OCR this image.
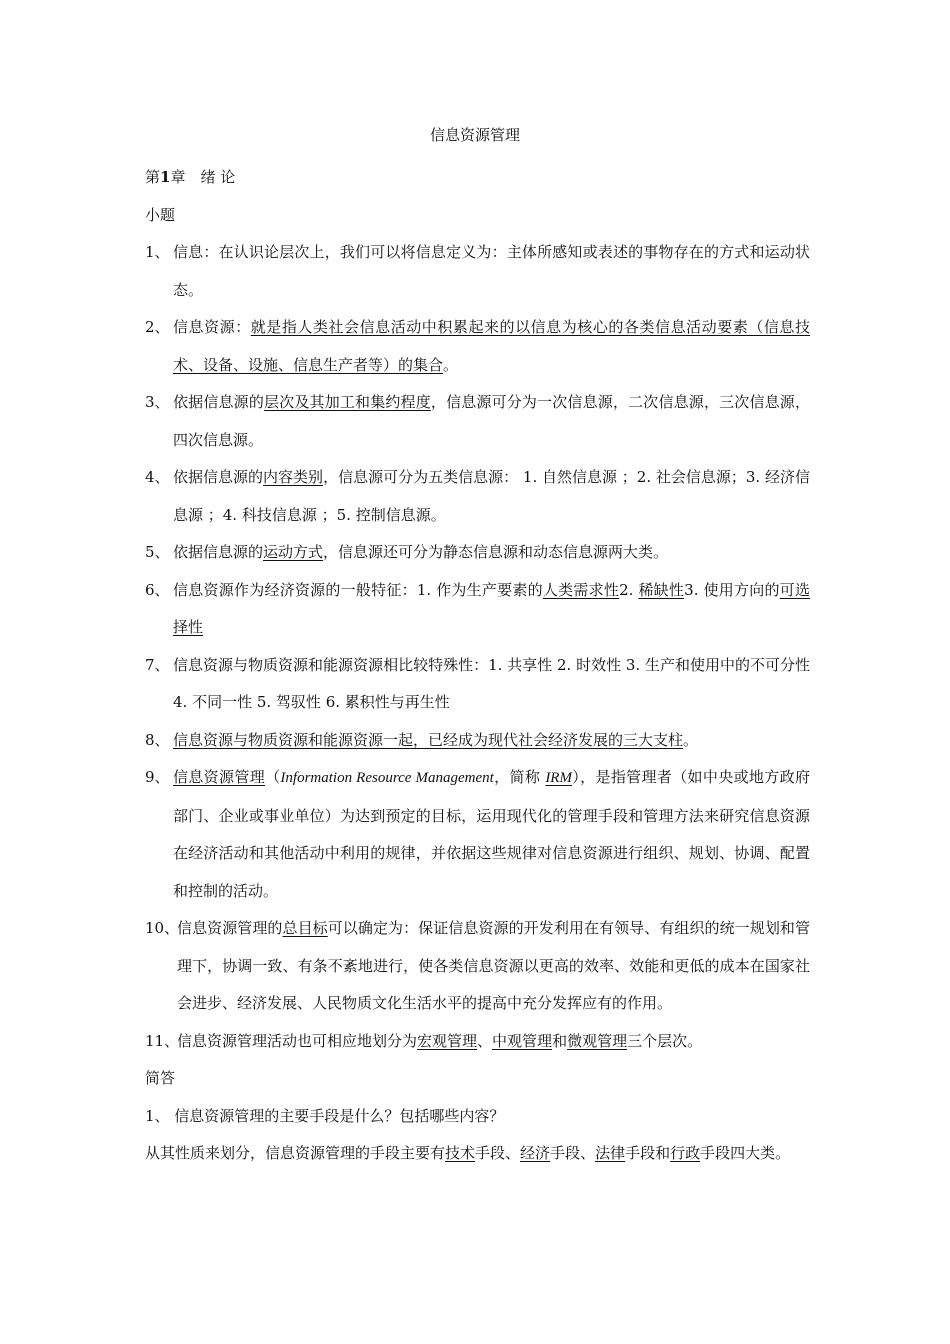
信息资源管理
第1章　绪 论
小题
1、 信息：在认识论层次上，我们可以将信息定义为：主体所感知或表述的事物存在的方式和运动状态。
2、 信息资源：就是指人类社会信息活动中积累起来的以信息为核心的各类信息活动要素（信息技术、设备、设施、信息生产者等）的集合。
3、 依据信息源的层次及其加工和集约程度，信息源可分为一次信息源，二次信息源，三次信息源，四次信息源。
4、 依据信息源的内容类别，信息源可分为五类信息源： 1. 自然信息源 ；2. 社会信息源；3. 经济信息源 ；4. 科技信息源 ；5. 控制信息源。
5、 依据信息源的运动方式，信息源还可分为静态信息源和动态信息源两大类。
6、 信息资源作为经济资源的一般特征：1. 作为生产要素的人类需求性2. 稀缺性3. 使用方向的可选择性
7、 信息资源与物质资源和能源资源相比较特殊性：1. 共享性 2. 时效性 3. 生产和使用中的不可分性 4. 不同一性 5. 驾驭性 6. 累积性与再生性
8、 信息资源与物质资源和能源资源一起，已经成为现代社会经济发展的三大支柱。
9、 信息资源管理（Information Resource Management，简称 IRM），是指管理者（如中央或地方政府部门、企业或事业单位）为达到预定的目标，运用现代化的管理手段和管理方法来研究信息资源在经济活动和其他活动中利用的规律，并依据这些规律对信息资源进行组织、规划、协调、配置和控制的活动。
10、
信息资源管理的总目标可以确定为：保证信息资源的开发利用在有领导、有组织的统一规划和管理下，协调一致、有条不紊地进行，使各类信息资源以更高的效率、效能和更低的成本在国家社会进步、经济发展、人民物质文化生活水平的提高中充分发挥应有的作用。
11、
信息资源管理活动也可相应地划分为宏观管理、中观管理和微观管理三个层次。
简答
1、 信息资源管理的主要手段是什么？包括哪些内容？
从其性质来划分，信息资源管理的手段主要有技术手段、经济手段、法律手段和行政手段四大类。
